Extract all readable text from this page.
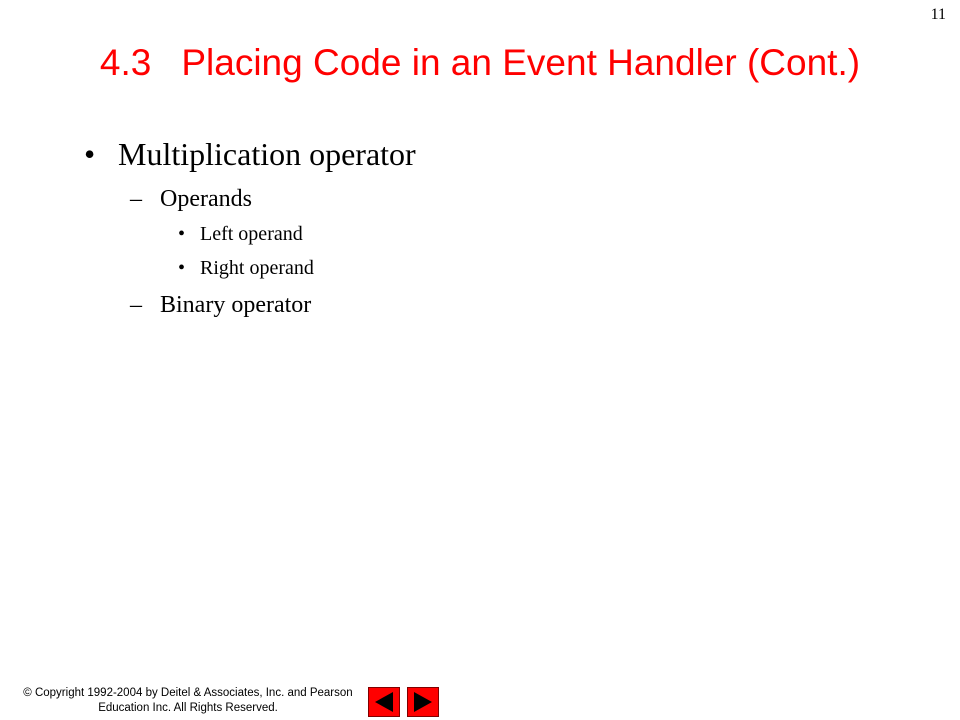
11
4.3 Placing Code in an Event Handler (Cont.)
• Multiplication operator
– Operands
• Left operand
• Right operand
– Binary operator
© Copyright 1992-2004 by Deitel & Associates, Inc. and Pearson
Education Inc. All Rights Reserved.
